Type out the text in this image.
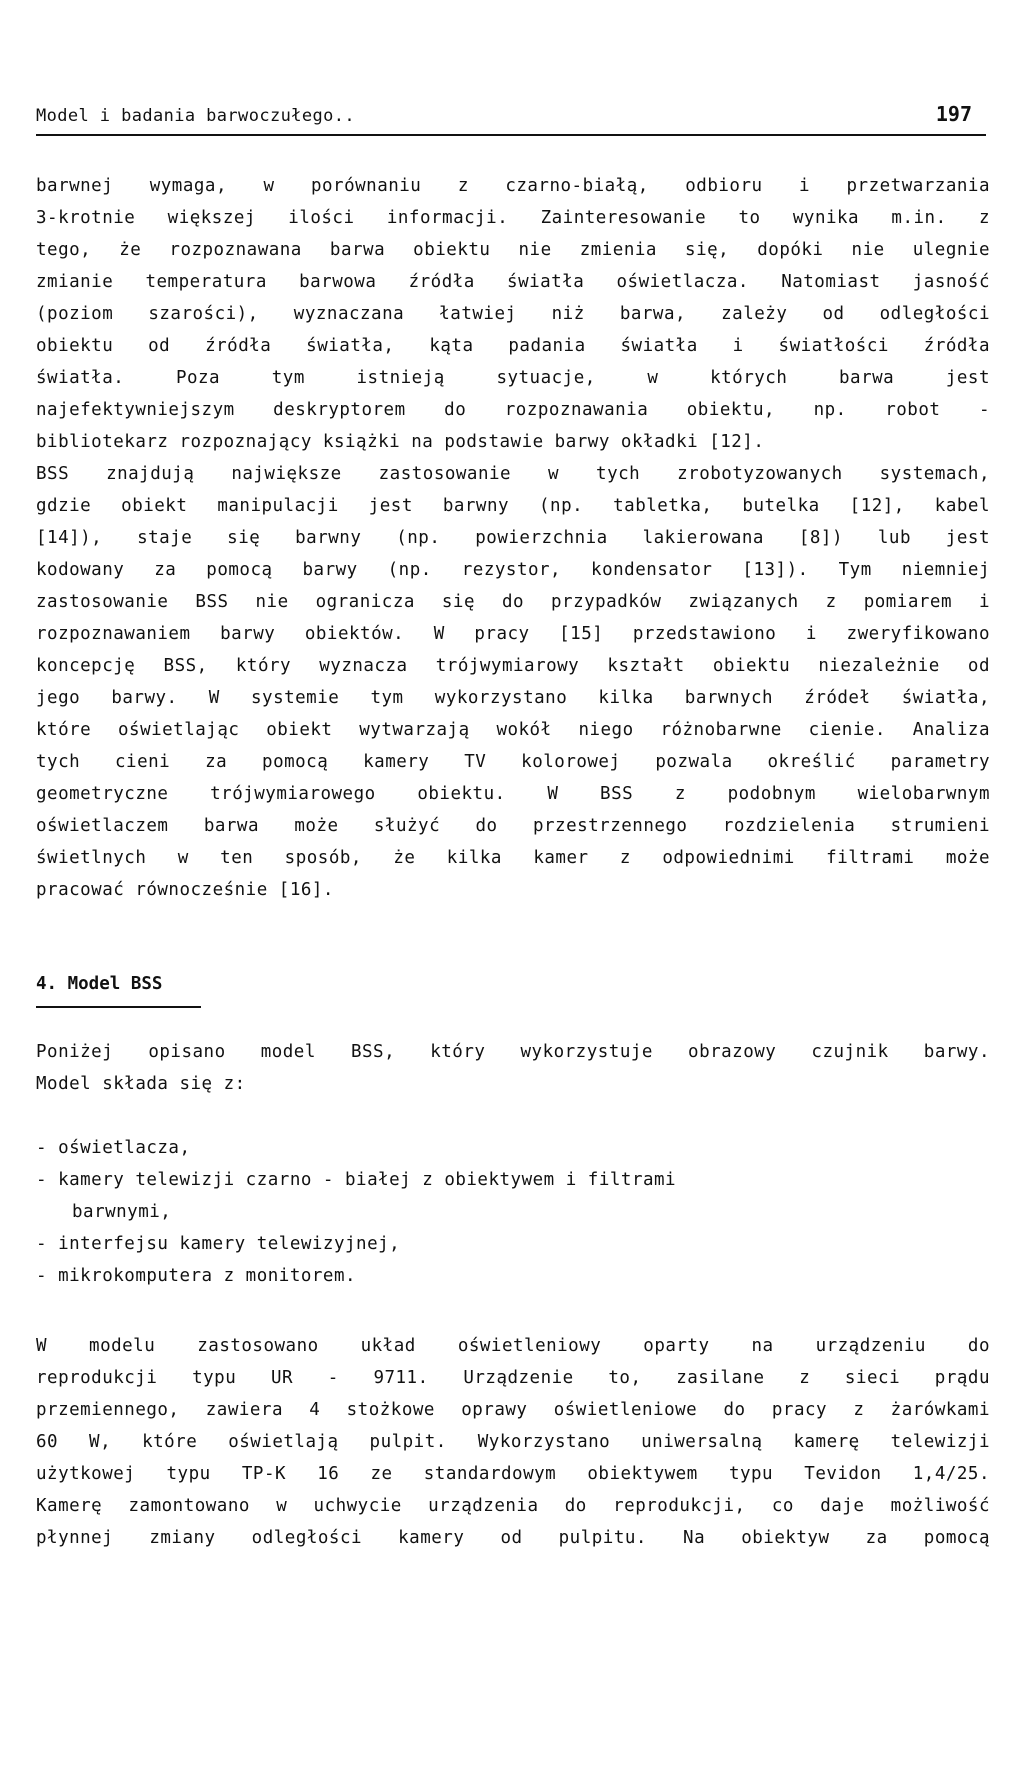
Model i badania barwoczułego..	197
barwnej wymaga, w porównaniu z czarno-białą, odbioru i przetwarzania
3-krotnie większej ilości informacji. Zainteresowanie to wynika m.in. z
tego, że rozpoznawana barwa obiektu nie zmienia się, dopóki nie ulegnie
zmianie temperatura barwowa źródła światła oświetlacza. Natomiast jasność
(poziom szarości), wyznaczana łatwiej niż barwa, zależy od odległości
obiektu od źródła światła, kąta padania światła i światłości źródła
światła. Poza tym istnieją sytuacje, w których barwa jest
najefektywniejszym deskryptorem do rozpoznawania obiektu, np. robot -
bibliotekarz rozpoznający książki na podstawie barwy okładki [12].
BSS znajdują największe zastosowanie w tych zrobotyzowanych systemach,
gdzie obiekt manipulacji jest barwny (np. tabletka, butelka [12], kabel
[14]), staje się barwny (np. powierzchnia lakierowana [8]) lub jest
kodowany za pomocą barwy (np. rezystor, kondensator [13]). Tym niemniej
zastosowanie BSS nie ogranicza się do przypadków związanych z pomiarem i
rozpoznawaniem barwy obiektów. W pracy [15] przedstawiono i zweryfikowano
koncepcję BSS, który wyznacza trójwymiarowy kształt obiektu niezależnie od
jego barwy. W systemie tym wykorzystano kilka barwnych źródeł światła,
które oświetlając obiekt wytwarzają wokół niego różnobarwne cienie. Analiza
tych cieni za pomocą kamery TV kolorowej pozwala określić parametry
geometryczne trójwymiarowego obiektu. W BSS z podobnym wielobarwnym
oświetlaczem barwa może służyć do przestrzennego rozdzielenia strumieni
świetlnych w ten sposób, że kilka kamer z odpowiednimi filtrami może
pracować równocześnie [16].
4. Model BSS
Poniżej opisano model BSS, który wykorzystuje obrazowy czujnik barwy.
Model składa się z:
- oświetlacza,
- kamery telewizji czarno - białej z obiektywem i filtrami
barwnymi,
- interfejsu kamery telewizyjnej,
- mikrokomputera z monitorem.
W modelu zastosowano układ oświetleniowy oparty na urządzeniu do
reprodukcji typu UR - 9711. Urządzenie to, zasilane z sieci prądu
przemiennego, zawiera 4 stożkowe oprawy oświetleniowe do pracy z żarówkami
60 W, które oświetlają pulpit. Wykorzystano uniwersalną kamerę telewizji
użytkowej typu TP-K 16 ze standardowym obiektywem typu Tevidon 1,4/25.
Kamerę zamontowano w uchwycie urządzenia do reprodukcji, co daje możliwość
płynnej zmiany odległości kamery od pulpitu. Na obiektyw za pomocą
